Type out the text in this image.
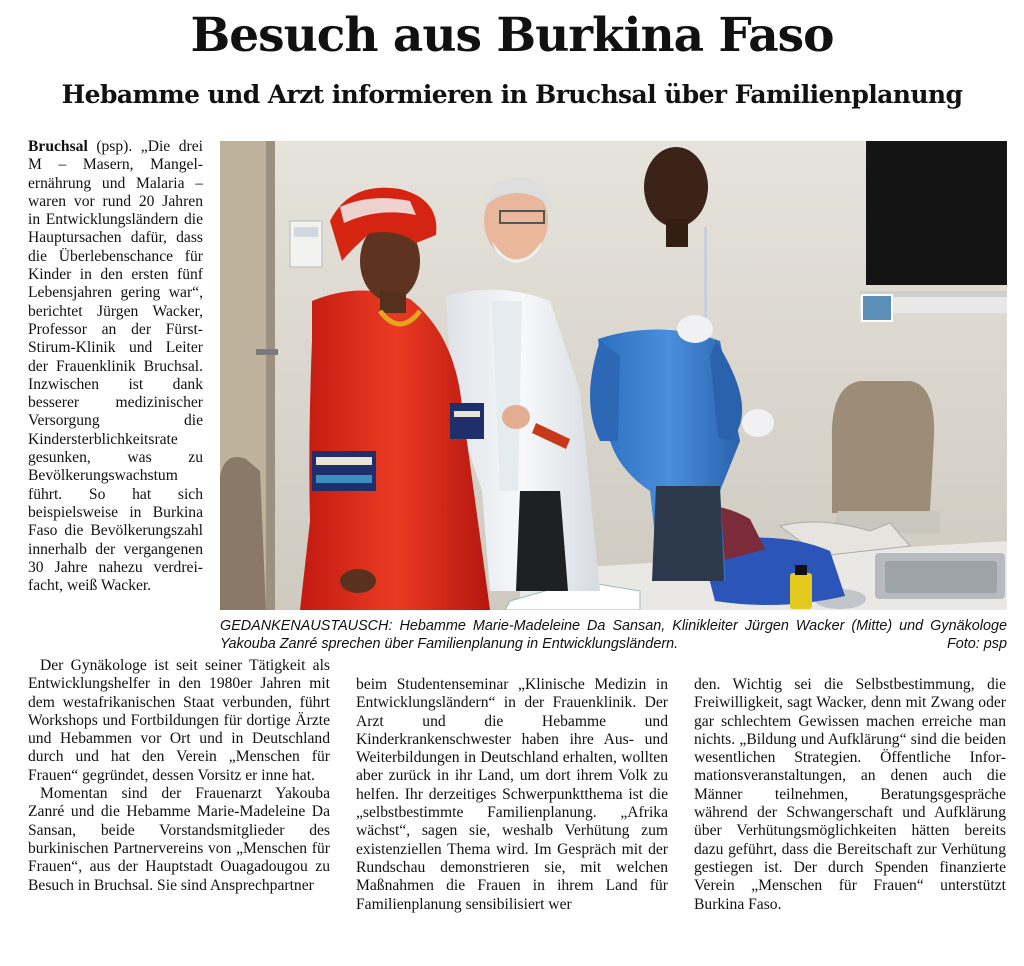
Besuch aus Burkina Faso
Hebamme und Arzt informieren in Bruchsal über Familienplanung

Bruchsal (psp). „Die drei M – Masern, Mangelernährung und Malaria – waren vor rund 20 Jahren in Entwicklungsländern die Hauptursachen dafür, dass die Überlebenschance für Kinder in den ersten fünf Lebensjahren gering war“, berichtet Jürgen Wacker, Professor an der Fürst-Stirum-Klinik und Leiter der Frauenklinik Bruchsal. Inzwischen ist dank besserer medizinischer Versorgung die Kindersterblichkeitsrate gesunken, was zu Bevölkerungswachstum führt. So hat sich beispielsweise in Burkina Faso die Bevölkerungszahl innerhalb der vergangenen 30 Jahre nahezu verdreifacht, weiß Wacker.

Der Gynäkologe ist seit seiner Tätigkeit als Entwicklungshelfer in den 1980er Jahren mit dem westafrikanischen Staat verbunden, führt Workshops und Fortbildungen für dortige Ärzte und Hebammen vor Ort und in Deutschland durch und hat den Verein „Menschen für Frauen“ gegründet, dessen Vorsitz er inne hat.

Momentan sind der Frauenarzt Yakouba Zanré und die Hebamme Marie-Madeleine Da Sansan, beide Vorstandsmitglieder des burkinischen Partnervereins von „Menschen für Frauen“, aus der Hauptstadt Ouagadougou zu Besuch in Bruchsal. Sie sind Ansprechpartner

beim Studentenseminar „Klinische Medizin in Entwicklungsländern“ in der Frauenklinik. Der Arzt und die Hebamme und Kinderkrankenschwester haben ihre Aus- und Weiterbildungen in Deutschland erhalten, wollten aber zurück in ihr Land, um dort ihrem Volk zu helfen. Ihr derzeitiges Schwerpunktthema ist die „selbstbestimmte Familienplanung. „Afrika wächst“, sagen sie, weshalb Verhütung zum existenziellen Thema wird. Im Gespräch mit der Rundschau demonstrieren sie, mit welchen Maßnahmen die Frauen in ihrem Land für Familienplanung sensibilisiert wer

den. Wichtig sei die Selbstbestimmung, die Freiwilligkeit, sagt Wacker, denn mit Zwang oder gar schlechtem Gewissen machen erreiche man nichts. „Bildung und Aufklärung“ sind die beiden wesentlichen Strategien. Öffentliche Informationsveranstaltungen, an denen auch die Männer teilnehmen, Beratungsgespräche während der Schwangerschaft und Aufklärung über Verhütungsmöglichkeiten hätten bereits dazu geführt, dass die Bereitschaft zur Verhütung gestiegen ist. Der durch Spenden finanzierte Verein „Menschen für Frauen“ unterstützt Burkina Faso.

GEDANKENAUSTAUSCH: Hebamme Marie-Madeleine Da Sansan, Klinikleiter Jürgen Wacker (Mitte) und Gynäkologe Yakouba Zanré sprechen über Familienplanung in Entwicklungsländern.	Foto: psp
